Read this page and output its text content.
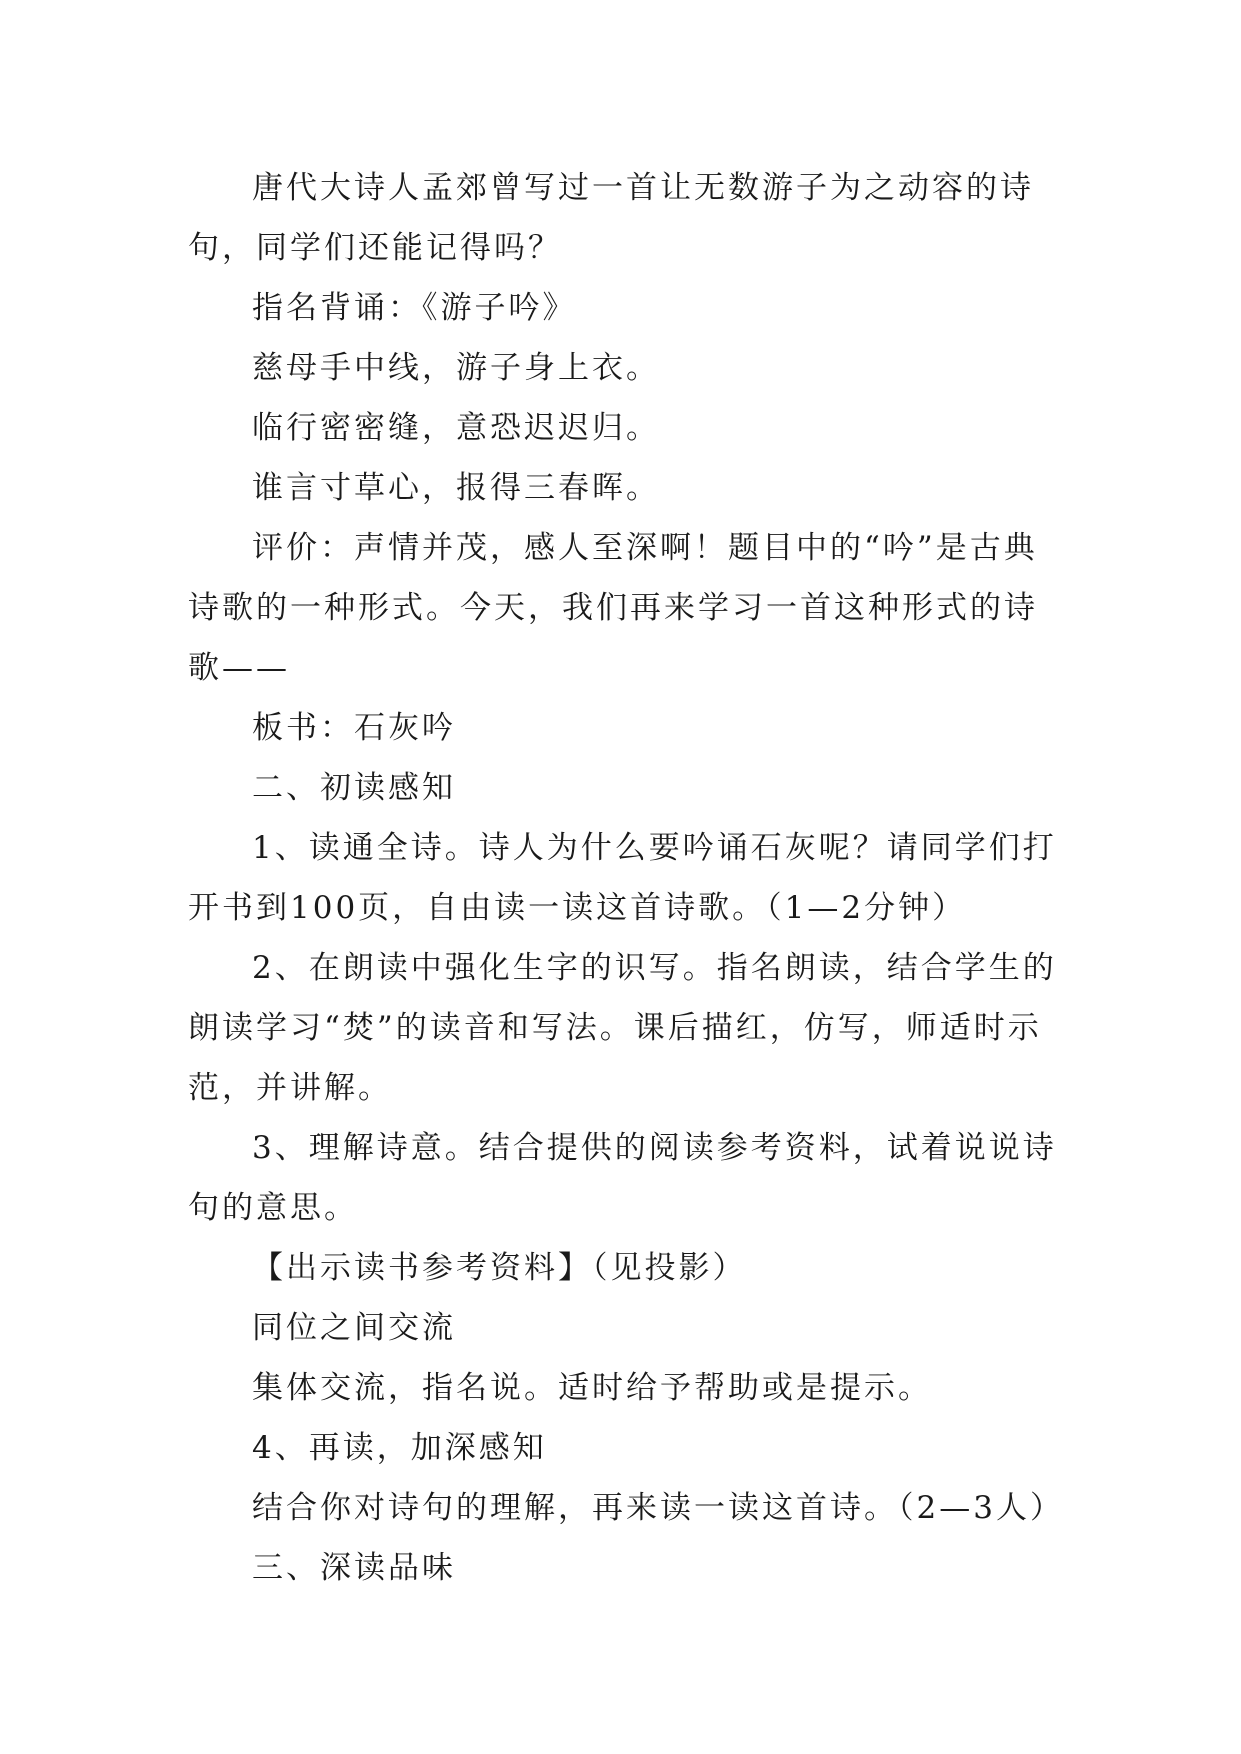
唐代大诗人孟郊曾写过一首让无数游子为之动容的诗句，同学们还能记得吗？

指名背诵：《游子吟》

慈母手中线，游子身上衣。

临行密密缝，意恐迟迟归。

谁言寸草心，报得三春晖。

评价：声情并茂，感人至深啊！题目中的“吟”是古典诗歌的一种形式。今天，我们再来学习一首这种形式的诗歌——

板书：石灰吟

二、初读感知

1、读通全诗。诗人为什么要吟诵石灰呢？请同学们打开书到100页，自由读一读这首诗歌。（1—2分钟）

2、在朗读中强化生字的识写。指名朗读，结合学生的朗读学习“焚”的读音和写法。课后描红，仿写，师适时示范，并讲解。

3、理解诗意。结合提供的阅读参考资料，试着说说诗句的意思。

【出示读书参考资料】（见投影）

同位之间交流

集体交流，指名说。适时给予帮助或是提示。

4、再读，加深感知

结合你对诗句的理解，再来读一读这首诗。（2—3人）

三、深读品味
